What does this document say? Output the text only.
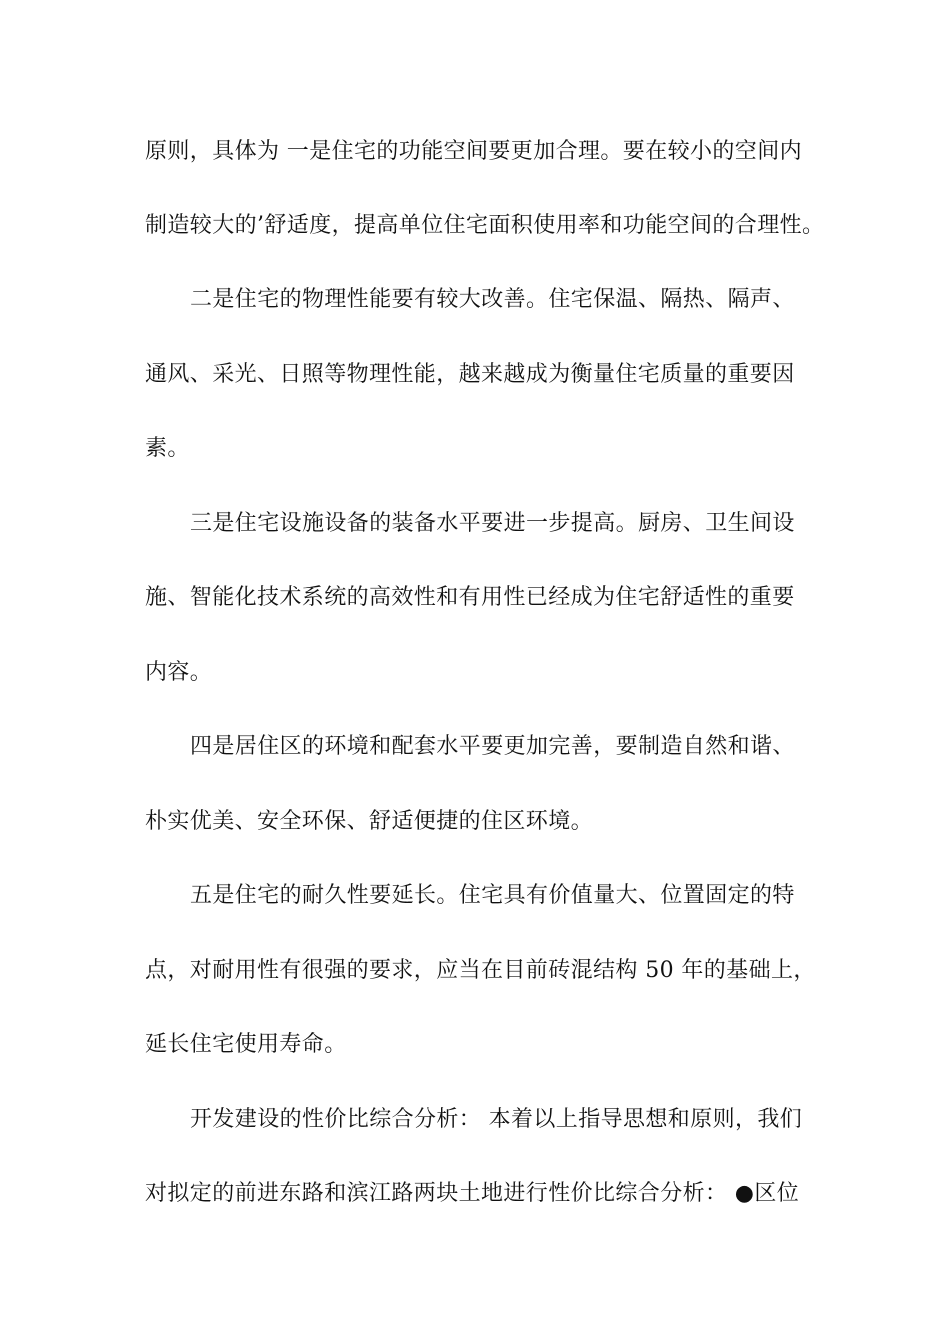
原则，具体为 一是住宅的功能空间要更加合理。要在较小的空间内
制造较大的’舒适度，提高单位住宅面积使用率和功能空间的合理性。
二是住宅的物理性能要有较大改善。住宅保温、隔热、隔声、
通风、采光、日照等物理性能，越来越成为衡量住宅质量的重要因
素。
三是住宅设施设备的装备水平要进一步提高。厨房、卫生间设
施、智能化技术系统的高效性和有用性已经成为住宅舒适性的重要
内容。
四是居住区的环境和配套水平要更加完善，要制造自然和谐、
朴实优美、安全环保、舒适便捷的住区环境。
五是住宅的耐久性要延长。住宅具有价值量大、位置固定的特
点，对耐用性有很强的要求，应当在目前砖混结构 50 年的基础上，
延长住宅使用寿命。
开发建设的性价比综合分析： 本着以上指导思想和原则，我们
对拟定的前进东路和滨江路两块土地进行性价比综合分析： ●区位
